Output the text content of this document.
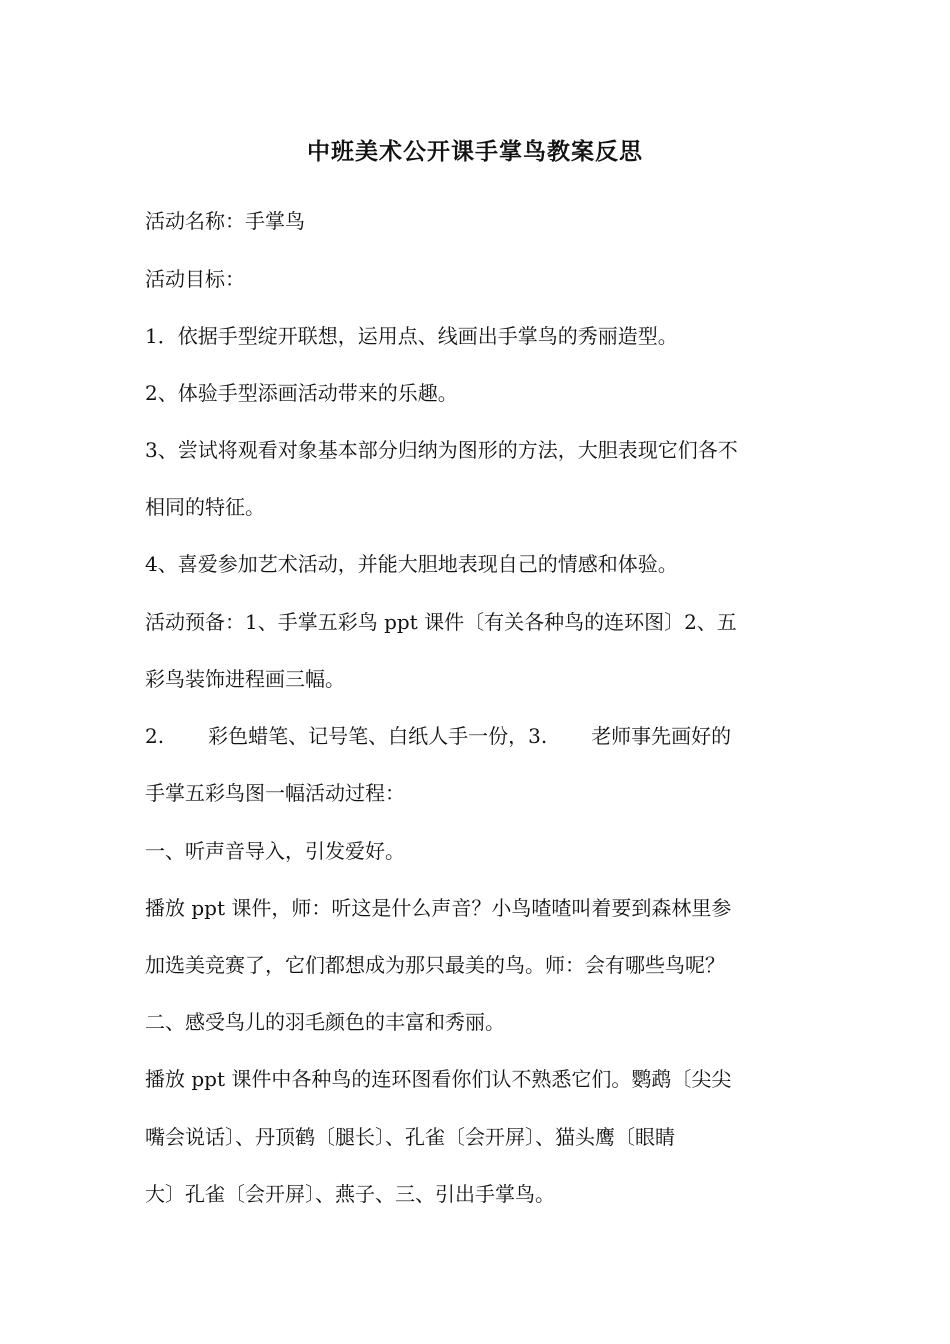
中班美术公开课手掌鸟教案反思
活动名称：手掌鸟
活动目标：
1．依据手型绽开联想，运用点、线画出手掌鸟的秀丽造型。
2、体验手型添画活动带来的乐趣。
3、尝试将观看对象基本部分归纳为图形的方法，大胆表现它们各不
相同的特征。
4、喜爱参加艺术活动，并能大胆地表现自己的情感和体验。
活动预备：1、手掌五彩鸟 ppt 课件〔有关各种鸟的连环图〕2、五
彩鸟装饰进程画三幅。
2. 彩色蜡笔、记号笔、白纸人手一份，3. 老师事先画好的
手掌五彩鸟图一幅活动过程：
一、听声音导入，引发爱好。
播放 ppt 课件，师：听这是什么声音？小鸟喳喳叫着要到森林里参
加选美竞赛了，它们都想成为那只最美的鸟。师：会有哪些鸟呢？
二、感受鸟儿的羽毛颜色的丰富和秀丽。
播放 ppt 课件中各种鸟的连环图看你们认不熟悉它们。鹦鹉〔尖尖
嘴会说话〕、丹顶鹤〔腿长〕、孔雀〔会开屏〕、猫头鹰〔眼睛
大〕孔雀〔会开屏〕、燕子、三、引出手掌鸟。
